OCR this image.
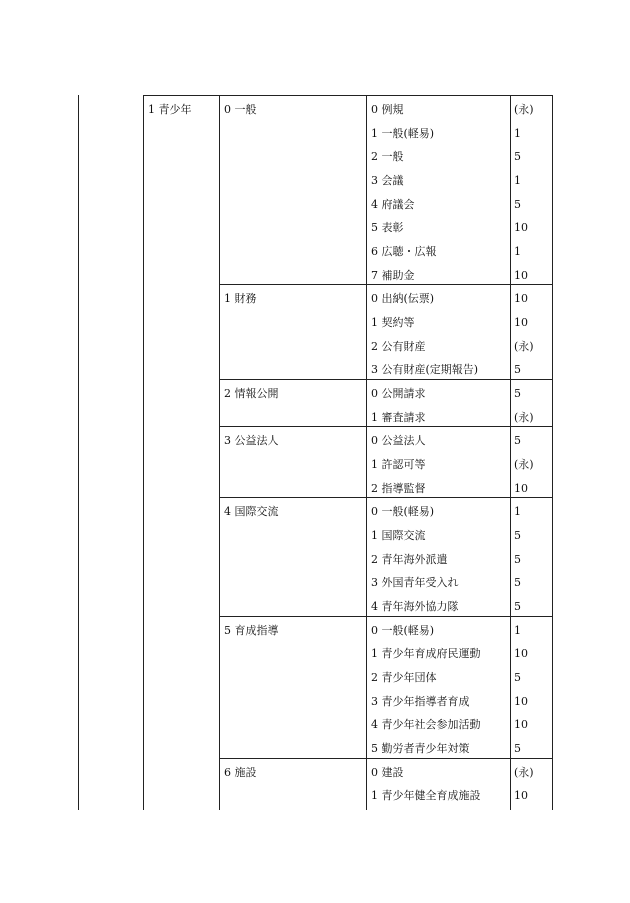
1 青少年	0 一般	0 例規	(永)
1 一般(軽易)	1
2 一般	5
3 会議	1
4 府議会	5
5 表彰	10
6 広聴・広報	1
7 補助金	10
1 財務	0 出納(伝票)	10
1 契約等	10
2 公有財産	(永)
3 公有財産(定期報告)	5
2 情報公開	0 公開請求	5
1 審査請求	(永)
3 公益法人	0 公益法人	5
1 許認可等	(永)
2 指導監督	10
4 国際交流	0 一般(軽易)	1
1 国際交流	5
2 青年海外派遣	5
3 外国青年受入れ	5
4 青年海外協力隊	5
5 育成指導	0 一般(軽易)	1
1 青少年育成府民運動	10
2 青少年団体	5
3 青少年指導者育成	10
4 青少年社会参加活動	10
5 勤労者青少年対策	5
6 施設	0 建設	(永)
1 青少年健全育成施設	10
